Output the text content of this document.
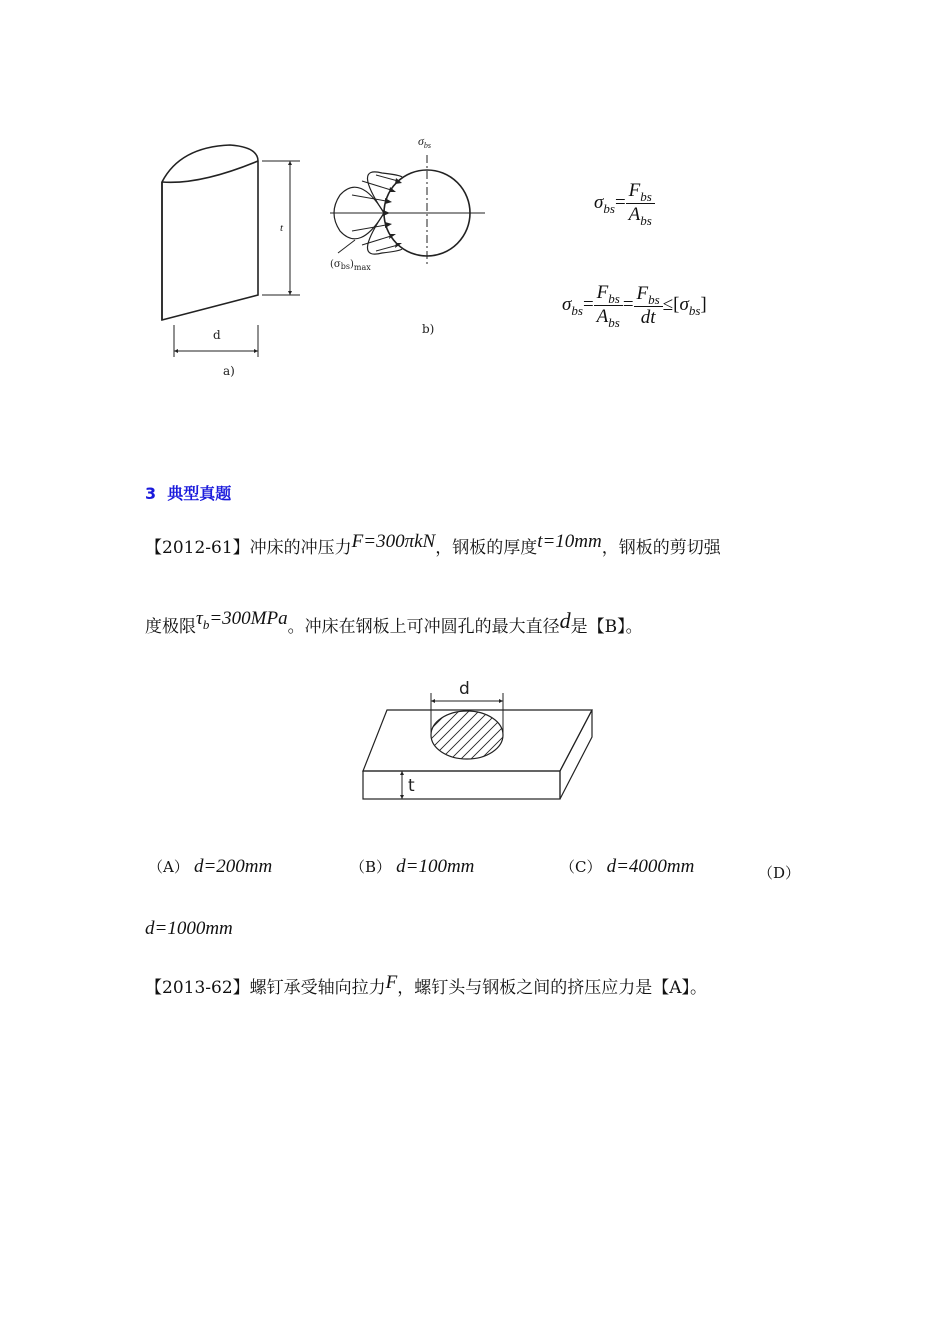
$\sigma_{bs}$
$(\sigma_{bs})_{max}$
t
d
a)
b)
$\sigma_{bs}= \frac{F_{bs}}{A_{bs}}$
$\sigma_{bs}= \frac{F_{bs}}{A_{bs}} = \frac{F_{bs}}{dt} \le[\sigma_{bs}]$
3 典型真题
【2012-61】冲床的冲压力F=300πkN，钢板的厚度t=10mm，钢板的剪切强
度极限$\tau_b=300MPa$。冲床在钢板上可冲圆孔的最大直径d是【B】。
d
t
（A） d=200mm	（B） d=100mm	（C） d=4000mm	（D）
d=1000mm
【2013-62】螺钉承受轴向拉力F，螺钉头与钢板之间的挤压应力是【A】。
